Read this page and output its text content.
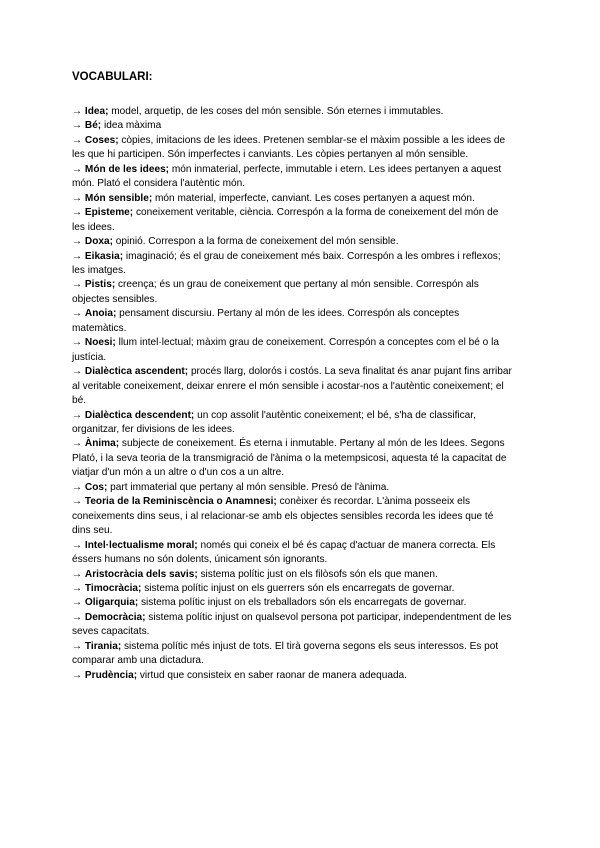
VOCABULARI:

→ Idea; model, arquetip, de les coses del món sensible. Són eternes i immutables.

→ Bé; idea màxima

→ Coses; còpies, imitacions de les idees. Pretenen semblar-se el màxim possible a les idees de les que hi participen. Són imperfectes i canviants. Les còpies pertanyen al món sensible.

→ Món de les idees; món inmaterial, perfecte, immutable i etern. Les idees pertanyen a aquest món. Plató el considera l'autèntic món.

→ Món sensible; món material, imperfecte, canviant. Les coses pertanyen a aquest món.

→ Episteme; coneixement veritable, ciència. Correspón a la forma de coneixement del món de les idees.

→ Doxa; opinió. Correspon a la forma de coneixement del món sensible.

→ Eikasia; imaginació; és el grau de coneixement més baix. Correspón a les ombres i reflexos; les imatges.

→ Pistis; creença; és un grau de coneixement que pertany al món sensible. Correspón als objectes sensibles.

→ Anoia; pensament discursiu. Pertany al món de les idees. Correspón als conceptes matemàtics.

→ Noesi; llum intel·lectual; màxim grau de coneixement. Correspón a conceptes com el bé o la justícia.

→ Dialèctica ascendent; procés llarg, dolorós i costós. La seva finalitat és anar pujant fins arribar al veritable coneixement, deixar enrere el món sensible i acostar-nos a l'autèntic coneixement; el bé.

→ Dialèctica descendent; un cop assolit l'autèntic coneixement; el bé, s'ha de classificar, organitzar, fer divisions de les idees.

→ Ànima; subjecte de coneixement. És eterna i inmutable. Pertany al món de les Idees. Segons Plató, i la seva teoria de la transmigració de l'ànima o la metempsicosi, aquesta té la capacitat de viatjar d'un món a un altre o d'un cos a un altre.

→ Cos; part immaterial que pertany al món sensible. Presó de l'ànima.

→ Teoria de la Reminiscència o Anamnesi; conèixer és recordar. L'ànima posseeix els coneixements dins seus, i al relacionar-se amb els objectes sensibles recorda les idees que té dins seu.

→ Intel·lectualisme moral; només qui coneix el bé és capaç d'actuar de manera correcta. Els éssers humans no són dolents, únicament són ignorants.

→ Aristocràcia dels savis; sistema polític just on els filòsofs són els que manen.

→ Timocràcia; sistema polític injust on els guerrers són els encarregats de governar.

→ Oligarquia; sistema polític injust on els treballadors són els encarregats de governar.

→ Democràcia; sistema polític injust on qualsevol persona pot participar, independentment de les seves capacitats.

→ Tirania; sistema polític més injust de tots. El tirà governa segons els seus interessos. Es pot comparar amb una dictadura.

→ Prudència; virtud que consisteix en saber raonar de manera adequada.
